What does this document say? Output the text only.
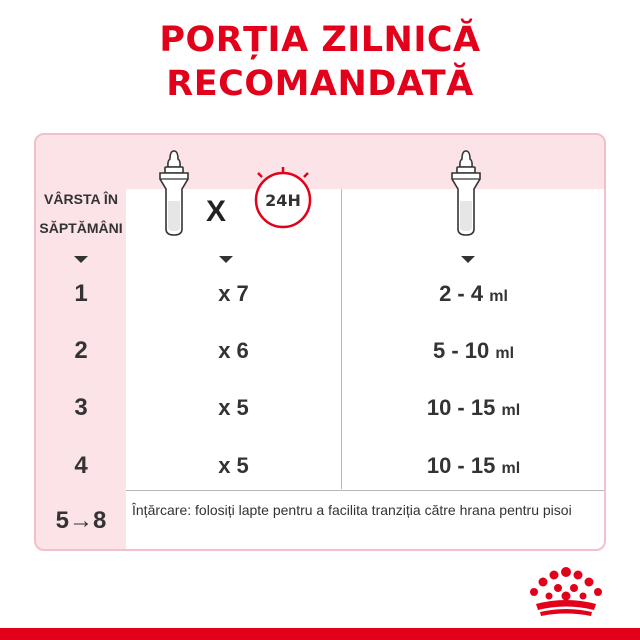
PORȚIA ZILNICĂ RECOMANDATĂ
VÂRSTA ÎN
SĂPTĂMÂNI	X 24H
1	x 7	2 - 4 ml
2	x 6	5 - 10 ml
3	x 5	10 - 15 ml
4	x 5	10 - 15 ml
5→8	Înțărcare: folosiți lapte pentru a facilita tranziția către hrana pentru pisoi
